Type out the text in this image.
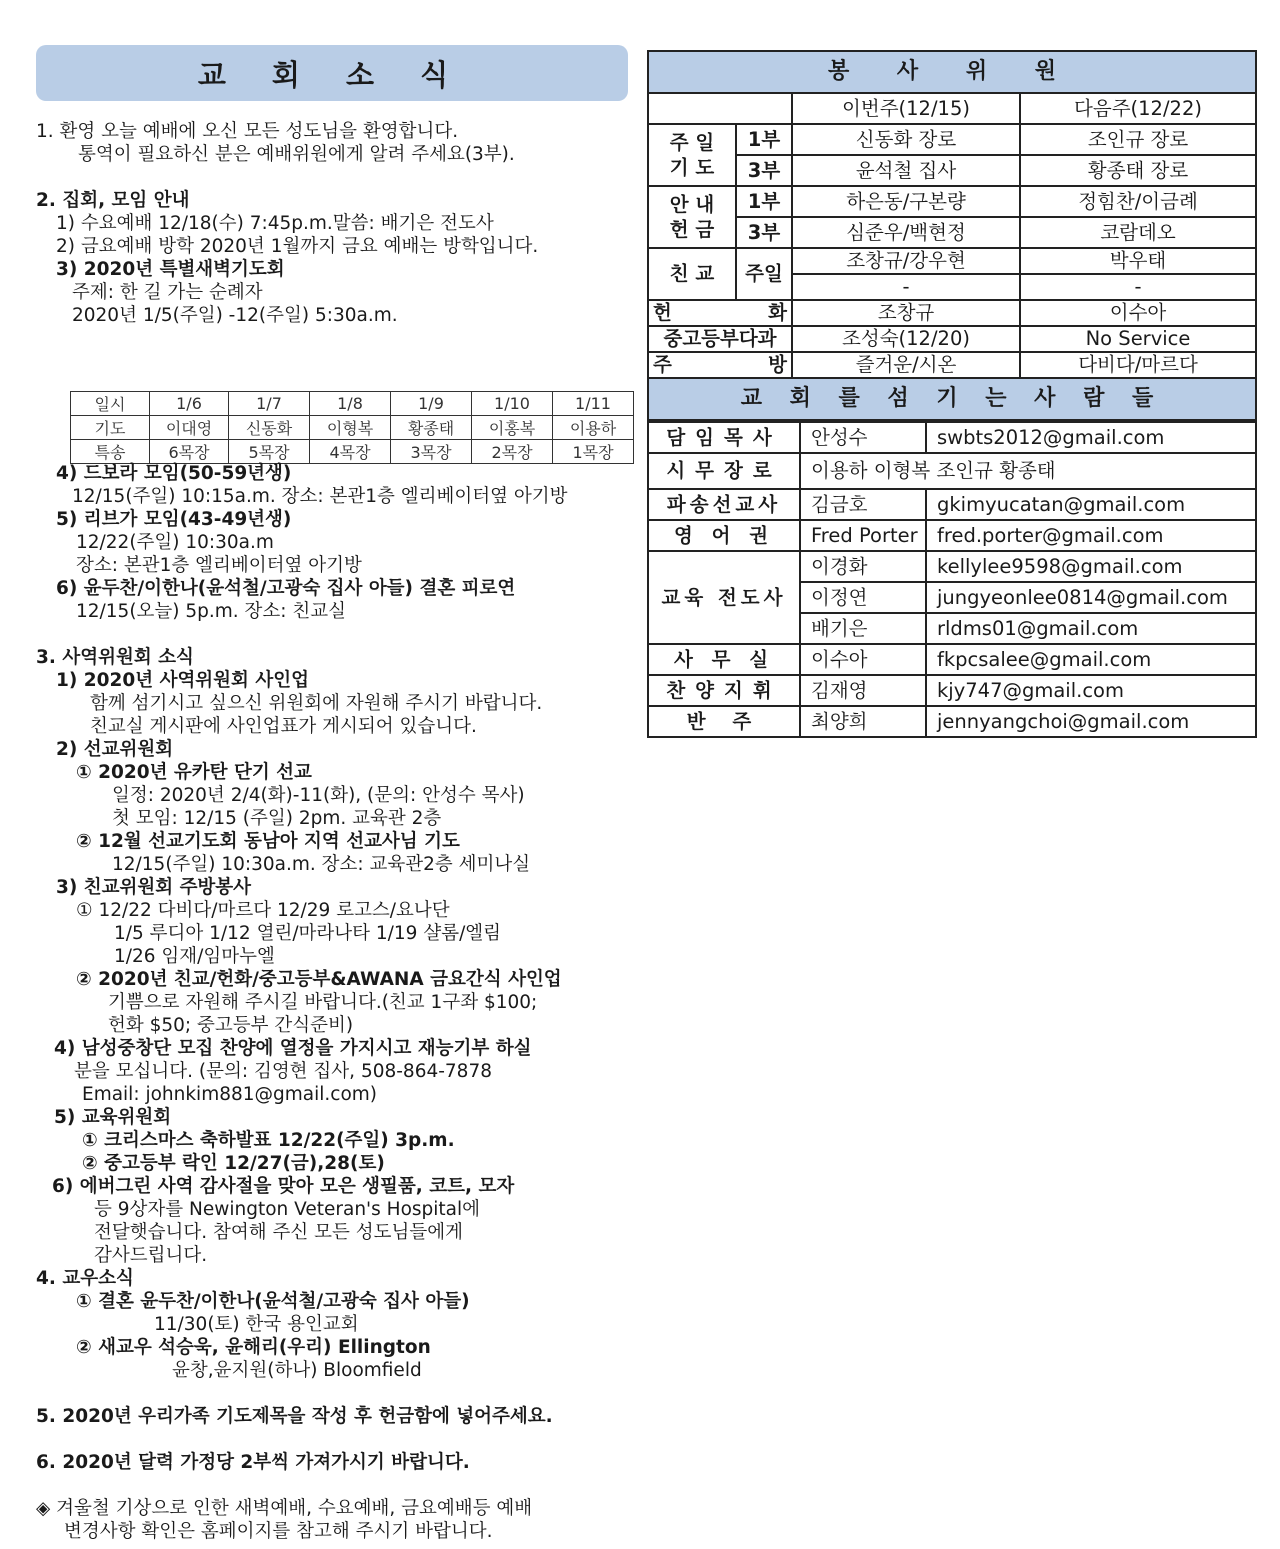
교 회 소 식
1. 환영 오늘 예배에 오신 모든 성도님을 환영합니다.
통역이 필요하신 분은 예배위원에게 알려 주세요(3부).
2. 집회, 모임 안내
1) 수요예배 12/18(수) 7:45p.m.말씀: 배기은 전도사
2) 금요예배 방학 2020년 1월까지 금요 예배는 방학입니다.
3) 2020년 특별새벽기도회
주제: 한 길 가는 순례자
2020년 1/5(주일) -12(주일) 5:30a.m.
일시	1/6	1/7	1/8	1/9	1/10	1/11
기도	이대영	신동화	이형복	황종태	이홍복	이용하
특송	6목장	5목장	4목장	3목장	2목장	1목장
4) 드보라 모임(50-59년생)
12/15(주일) 10:15a.m. 장소: 본관1층 엘리베이터옆 아기방
5) 리브가 모임(43-49년생)
12/22(주일) 10:30a.m
장소: 본관1층 엘리베이터옆 아기방
6) 윤두찬/이한나(윤석철/고광숙 집사 아들) 결혼 피로연
12/15(오늘) 5p.m. 장소: 친교실
3. 사역위원회 소식
1) 2020년 사역위원회 사인업
함께 섬기시고 싶으신 위원회에 자원해 주시기 바랍니다.
친교실 게시판에 사인업표가 게시되어 있습니다.
2) 선교위원회
① 2020년 유카탄 단기 선교
일정: 2020년 2/4(화)-11(화), (문의: 안성수 목사)
첫 모임: 12/15 (주일) 2pm. 교육관 2층
② 12월 선교기도회 동남아 지역 선교사님 기도
12/15(주일) 10:30a.m. 장소: 교육관2층 세미나실
3) 친교위원회 주방봉사
① 12/22 다비다/마르다 12/29 로고스/요나단
1/5 루디아 1/12 열린/마라나타 1/19 샬롬/엘림
1/26 임재/임마누엘
② 2020년 친교/헌화/중고등부&AWANA 금요간식 사인업
기쁨으로 자원해 주시길 바랍니다.(친교 1구좌 $100;
헌화 $50; 중고등부 간식준비)
4) 남성중창단 모집 찬양에 열정을 가지시고 재능기부 하실
분을 모십니다. (문의: 김영현 집사, 508-864-7878
Email: johnkim881@gmail.com)
5) 교육위원회
① 크리스마스 축하발표 12/22(주일) 3p.m.
② 중고등부 락인 12/27(금),28(토)
6) 에버그린 사역 감사절을 맞아 모은 생필품, 코트, 모자
등 9상자를 Newington Veteran's Hospital에
전달햇습니다. 참여해 주신 모든 성도님들에게
감사드립니다.
4. 교우소식
① 결혼 윤두찬/이한나(윤석철/고광숙 집사 아들)
11/30(토) 한국 용인교회
② 새교우 석승욱, 윤해리(우리) Ellington
윤창,윤지원(하나) Bloomfield
5. 2020년 우리가족 기도제목을 작성 후 헌금함에 넣어주세요.
6. 2020년 달력 가정당 2부씩 가져가시기 바랍니다.
◈ 겨울철 기상으로 인한 새벽예배, 수요예배, 금요예배등 예배
변경사항 확인은 홈페이지를 참고해 주시기 바랍니다.
봉 사 위 원			
		이번주(12/15)	다음주(12/22)

주 일
기 도	1부	신동화 장로	조인규 장로
	3부	윤석철 집사	황종태 장로

안 내
헌 금	1부	하은동/구본량	정힘찬/이금례
	3부	심준우/백현정	코람데오
친 교	주일	조창규/강우현	박우태
		-	-
헌 화		조창규	이수아
중고등부다과		조성숙(12/20)	No Service
주 방		즐거운/시온	다비다/마르다
교 회 를 섬 기 는 사 람 들			
담임목사	안성수	swbts2012@gmail.com
시무장로	이용하 이형복 조인규 황종태	
파송선교사	김금호	gkimyucatan@gmail.com
영 어 권	Fred Porter	fred.porter@gmail.com
교육 전도사	이경화	kellylee9598@gmail.com
	이정연	jungyeonlee0814@gmail.com
	배기은	rldms01@gmail.com
사 무 실	이수아	fkpcsalee@gmail.com
찬양지휘	김재영	kjy747@gmail.com
반 주	최양희	jennyangchoi@gmail.com
